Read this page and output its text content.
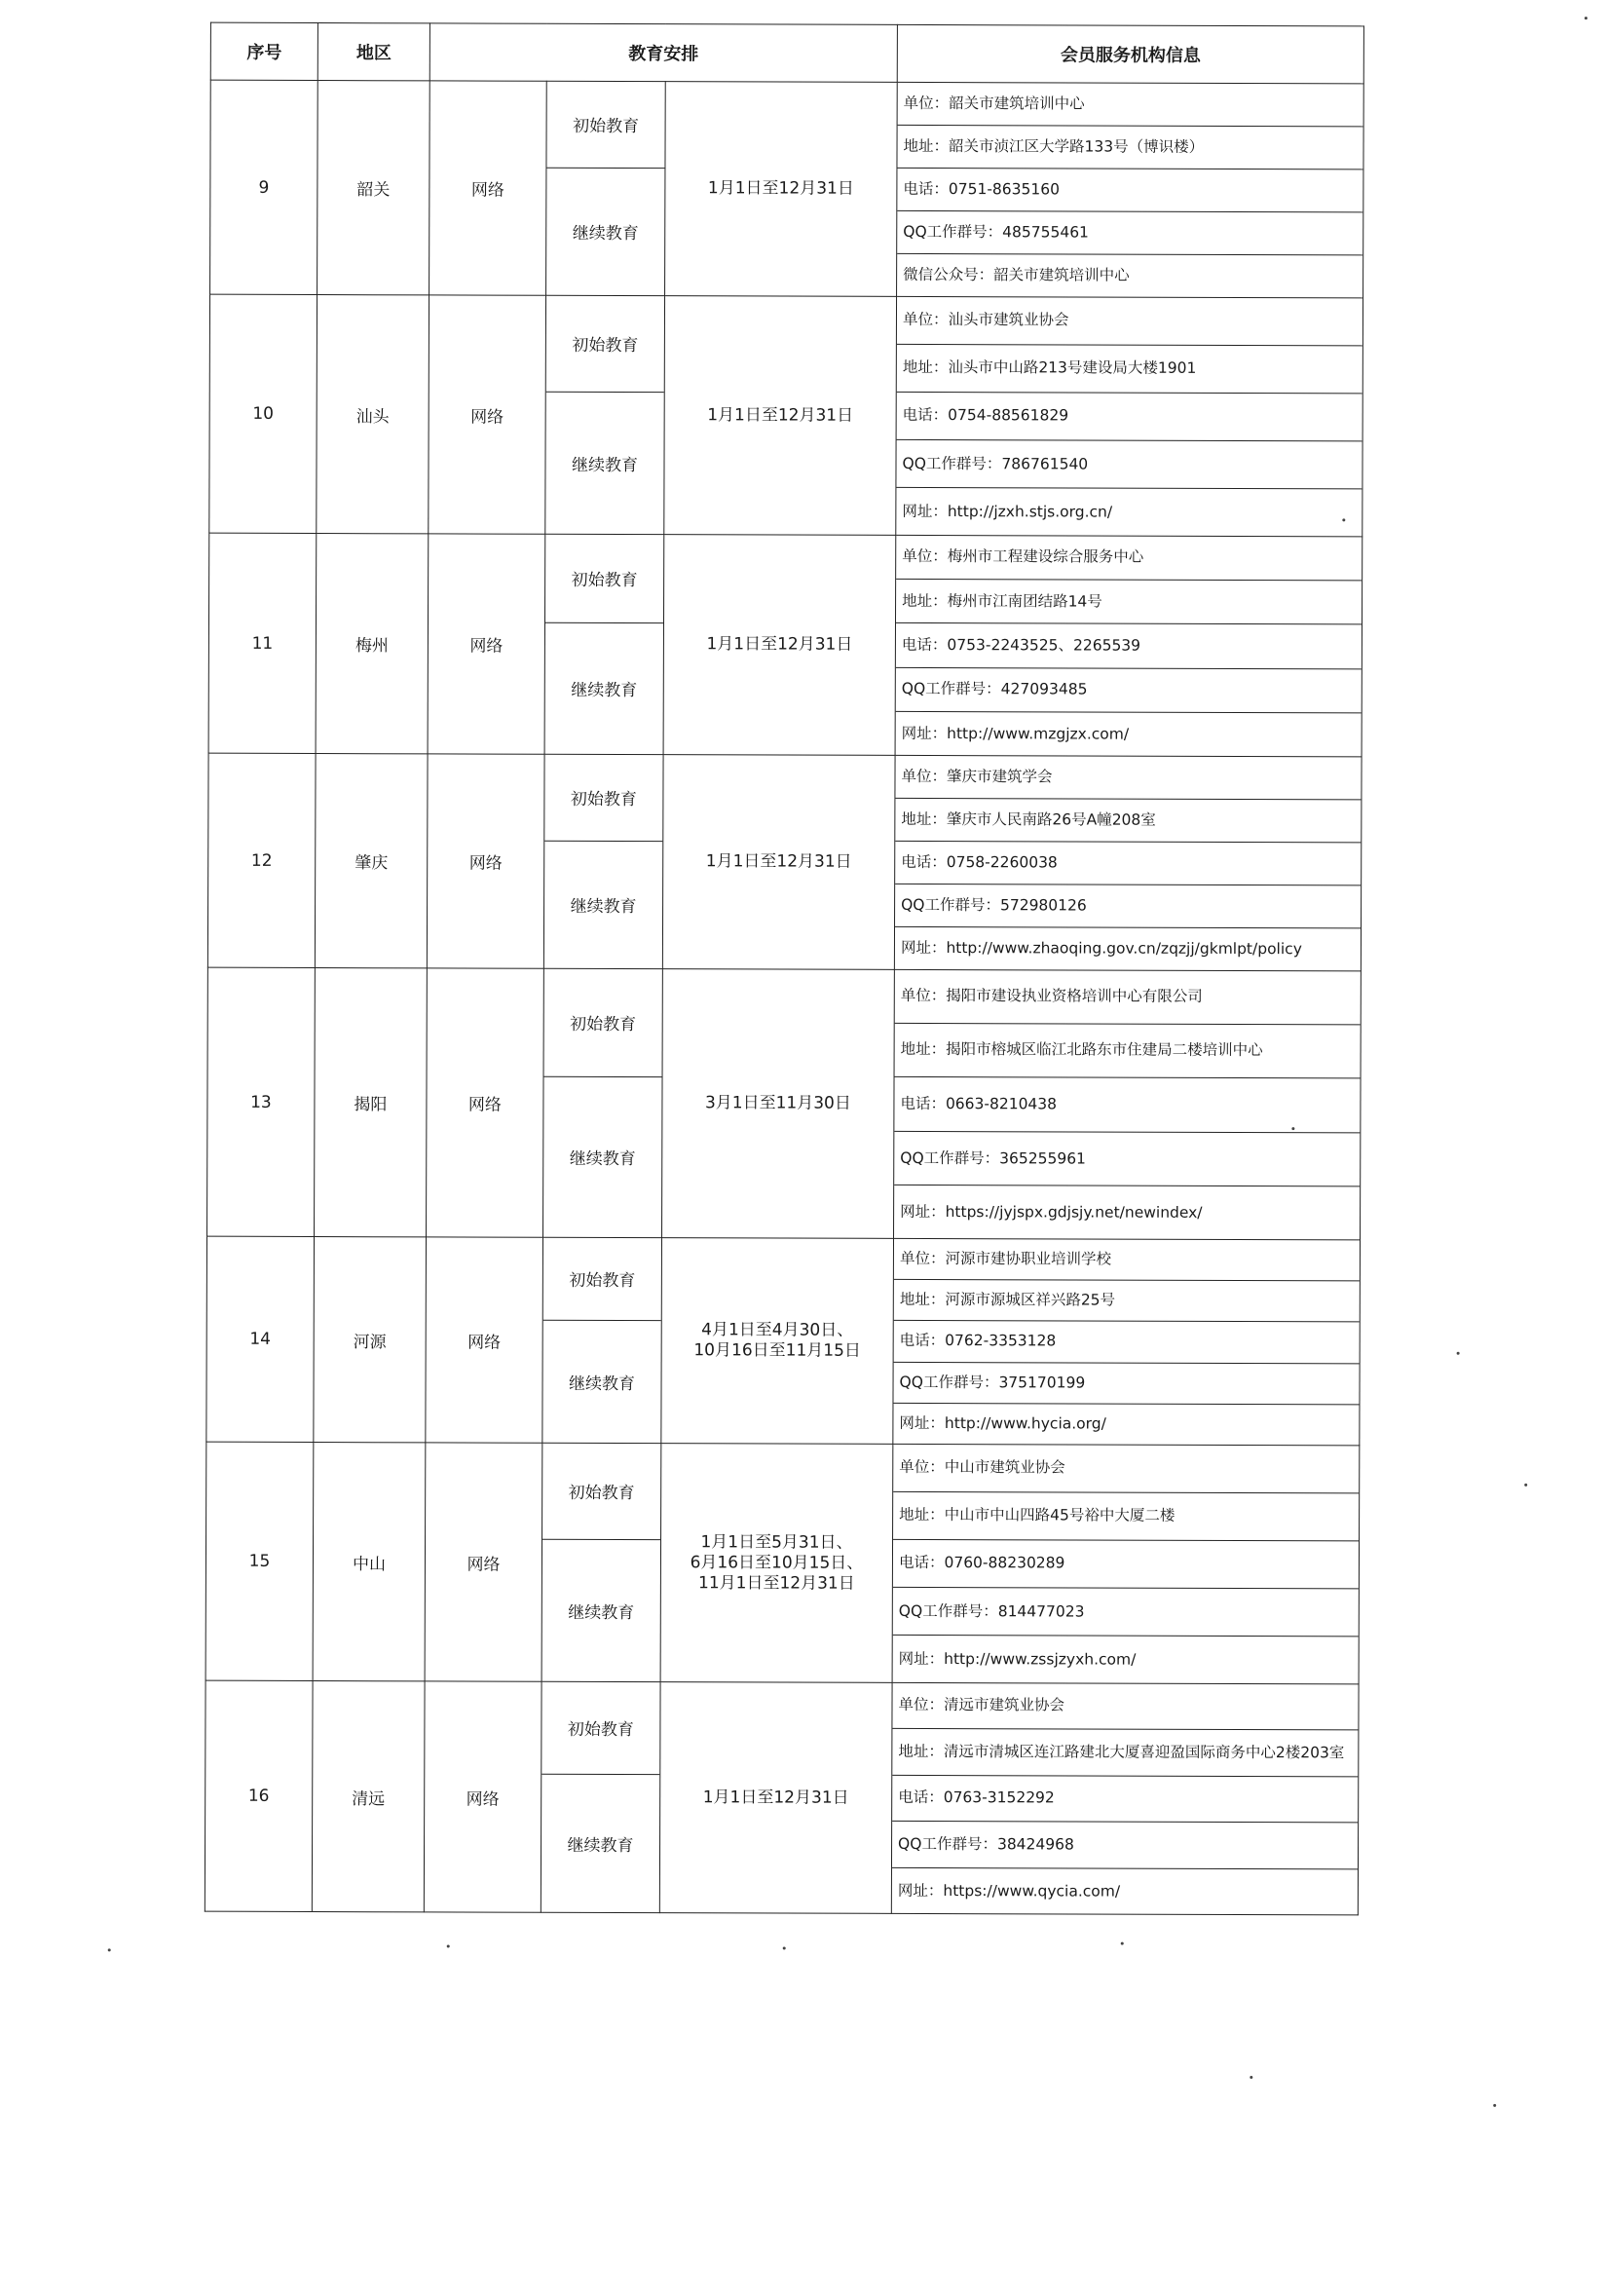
序号	地区	教育安排	会员服务机构信息
9	韶关	网络	
初始教育
继续教育

1月1日至12月31日

单位：韶关市建筑培训中心
地址：韶关市浈江区大学路133号（博识楼）
电话：0751-8635160
QQ工作群号：485755461
微信公众号：韶关市建筑培训中心

10	汕头	网络	
初始教育
继续教育

1月1日至12月31日

单位：汕头市建筑业协会
地址：汕头市中山路213号建设局大楼1901
电话：0754-88561829
QQ工作群号：786761540
网址：http://jzxh.stjs.org.cn/

11	梅州	网络	
初始教育
继续教育

1月1日至12月31日

单位：梅州市工程建设综合服务中心
地址：梅州市江南团结路14号
电话：0753-2243525、2265539
QQ工作群号：427093485
网址：http://www.mzgjzx.com/

12	肇庆	网络	
初始教育
继续教育

1月1日至12月31日

单位：肇庆市建筑学会
地址：肇庆市人民南路26号A幢208室
电话：0758-2260038
QQ工作群号：572980126
网址：http://www.zhaoqing.gov.cn/zqzjj/gkmlpt/policy

13	揭阳	网络	
初始教育
继续教育

3月1日至11月30日

单位：揭阳市建设执业资格培训中心有限公司
地址：揭阳市榕城区临江北路东市住建局二楼培训中心
电话：0663-8210438
QQ工作群号：365255961
网址：https://jyjspx.gdjsjy.net/newindex/

14	河源	网络	
初始教育
继续教育

4月1日至4月30日、
10月16日至11月15日

单位：河源市建协职业培训学校
地址：河源市源城区祥兴路25号
电话：0762-3353128
QQ工作群号：375170199
网址：http://www.hycia.org/

15	中山	网络	
初始教育
继续教育

1月1日至5月31日、
6月16日至10月15日、
11月1日至12月31日

单位：中山市建筑业协会
地址：中山市中山四路45号裕中大厦二楼
电话：0760-88230289
QQ工作群号：814477023
网址：http://www.zssjzyxh.com/

16	清远	网络	
初始教育
继续教育

1月1日至12月31日

单位：清远市建筑业协会
地址：清远市清城区连江路建北大厦喜迎盈国际商务中心2楼203室
电话：0763-3152292
QQ工作群号：38424968
网址：https://www.qycia.com/
